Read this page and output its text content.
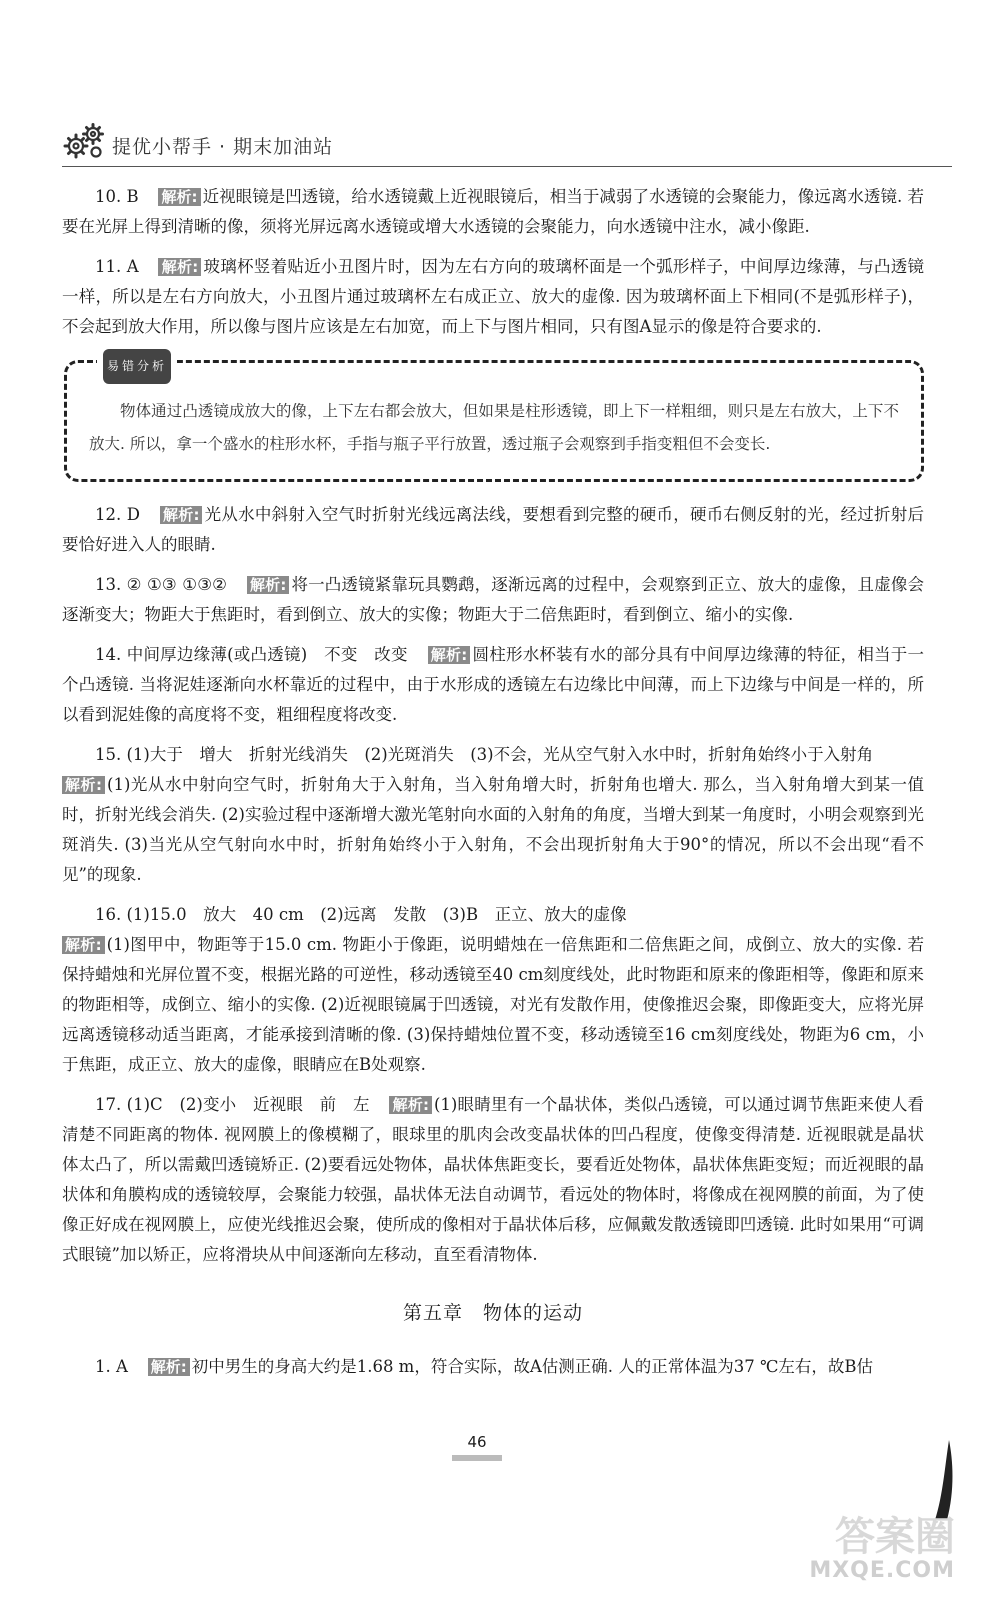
提优小帮手 · 期末加油站

10. B 解析: 近视眼镜是凹透镜，给水透镜戴上近视眼镜后，相当于减弱了水透镜的会聚能力，像远离水透镜. 若要在光屏上得到清晰的像，须将光屏远离水透镜或增大水透镜的会聚能力，向水透镜中注水，减小像距.

11. A 解析: 玻璃杯竖着贴近小丑图片时，因为左右方向的玻璃杯面是一个弧形样子，中间厚边缘薄，与凸透镜一样，所以是左右方向放大，小丑图片通过玻璃杯左右成正立、放大的虚像. 因为玻璃杯面上下相同(不是弧形样子)，不会起到放大作用，所以像与图片应该是左右加宽，而上下与图片相同，只有图A显示的像是符合要求的.

易错分析

物体通过凸透镜成放大的像，上下左右都会放大，但如果是柱形透镜，即上下一样粗细，则只是左右放大，上下不放大. 所以，拿一个盛水的柱形水杯，手指与瓶子平行放置，透过瓶子会观察到手指变粗但不会变长.

12. D 解析: 光从水中斜射入空气时折射光线远离法线，要想看到完整的硬币，硬币右侧反射的光，经过折射后要恰好进入人的眼睛.

13. ② ①③ ①③② 解析: 将一凸透镜紧靠玩具鹦鹉，逐渐远离的过程中，会观察到正立、放大的虚像，且虚像会逐渐变大；物距大于焦距时，看到倒立、放大的实像；物距大于二倍焦距时，看到倒立、缩小的实像.

14. 中间厚边缘薄(或凸透镜)　不变　改变 解析: 圆柱形水杯装有水的部分具有中间厚边缘薄的特征，相当于一个凸透镜. 当将泥娃逐渐向水杯靠近的过程中，由于水形成的透镜左右边缘比中间薄，而上下边缘与中间是一样的，所以看到泥娃像的高度将不变，粗细程度将改变.

15. (1)大于　增大　折射光线消失　(2)光斑消失　(3)不会，光从空气射入水中时，折射角始终小于入射角

解析: (1)光从水中射向空气时，折射角大于入射角，当入射角增大时，折射角也增大. 那么，当入射角增大到某一值时，折射光线会消失. (2)实验过程中逐渐增大激光笔射向水面的入射角的角度，当增大到某一角度时，小明会观察到光斑消失. (3)当光从空气射向水中时，折射角始终小于入射角，不会出现折射角大于90°的情况，所以不会出现“看不见”的现象.

16. (1)15.0　放大　40 cm　(2)远离　发散　(3)B　正立、放大的虚像

解析: (1)图甲中，物距等于15.0 cm. 物距小于像距，说明蜡烛在一倍焦距和二倍焦距之间，成倒立、放大的实像. 若保持蜡烛和光屏位置不变，根据光路的可逆性，移动透镜至40 cm刻度线处，此时物距和原来的像距相等，像距和原来的物距相等，成倒立、缩小的实像. (2)近视眼镜属于凹透镜，对光有发散作用，使像推迟会聚，即像距变大，应将光屏远离透镜移动适当距离，才能承接到清晰的像. (3)保持蜡烛位置不变，移动透镜至16 cm刻度线处，物距为6 cm，小于焦距，成正立、放大的虚像，眼睛应在B处观察.

17. (1)C　(2)变小　近视眼　前　左 解析: (1)眼睛里有一个晶状体，类似凸透镜，可以通过调节焦距来使人看清楚不同距离的物体. 视网膜上的像模糊了，眼球里的肌肉会改变晶状体的凹凸程度，使像变得清楚. 近视眼就是晶状体太凸了，所以需戴凹透镜矫正. (2)要看远处物体，晶状体焦距变长，要看近处物体，晶状体焦距变短；而近视眼的晶状体和角膜构成的透镜较厚，会聚能力较强，晶状体无法自动调节，看远处的物体时，将像成在视网膜的前面，为了使像正好成在视网膜上，应使光线推迟会聚，使所成的像相对于晶状体后移，应佩戴发散透镜即凹透镜. 此时如果用“可调式眼镜”加以矫正，应将滑块从中间逐渐向左移动，直至看清物体.

第五章　物体的运动

1. A 解析: 初中男生的身高大约是1.68 m，符合实际，故A估测正确. 人的正常体温为37 ℃左右，故B估

46
答案圈
MXQE.COM
